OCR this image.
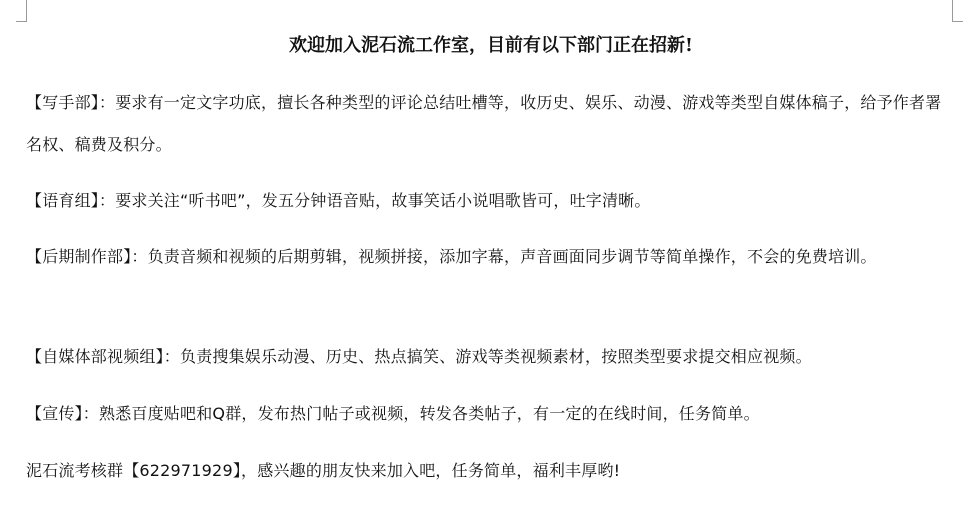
欢迎加入泥石流工作室，目前有以下部门正在招新!
【写手部】：要求有一定文字功底，擅长各种类型的评论总结吐槽等，收历史、娱乐、动漫、游戏等类型自媒体稿子，给予作者署名权、稿费及积分。
【语育组】：要求关注“听书吧”，发五分钟语音贴，故事笑话小说唱歌皆可，吐字清晰。
【后期制作部】：负责音频和视频的后期剪辑，视频拼接，添加字幕，声音画面同步调节等简单操作，不会的免费培训。
【自媒体部视频组】：负责搜集娱乐动漫、历史、热点搞笑、游戏等类视频素材，按照类型要求提交相应视频。
【宣传】：熟悉百度贴吧和Q群，发布热门帖子或视频，转发各类帖子，有一定的在线时间，任务简单。
泥石流考核群【622971929】，感兴趣的朋友快来加入吧，任务简单，福利丰厚哟!
